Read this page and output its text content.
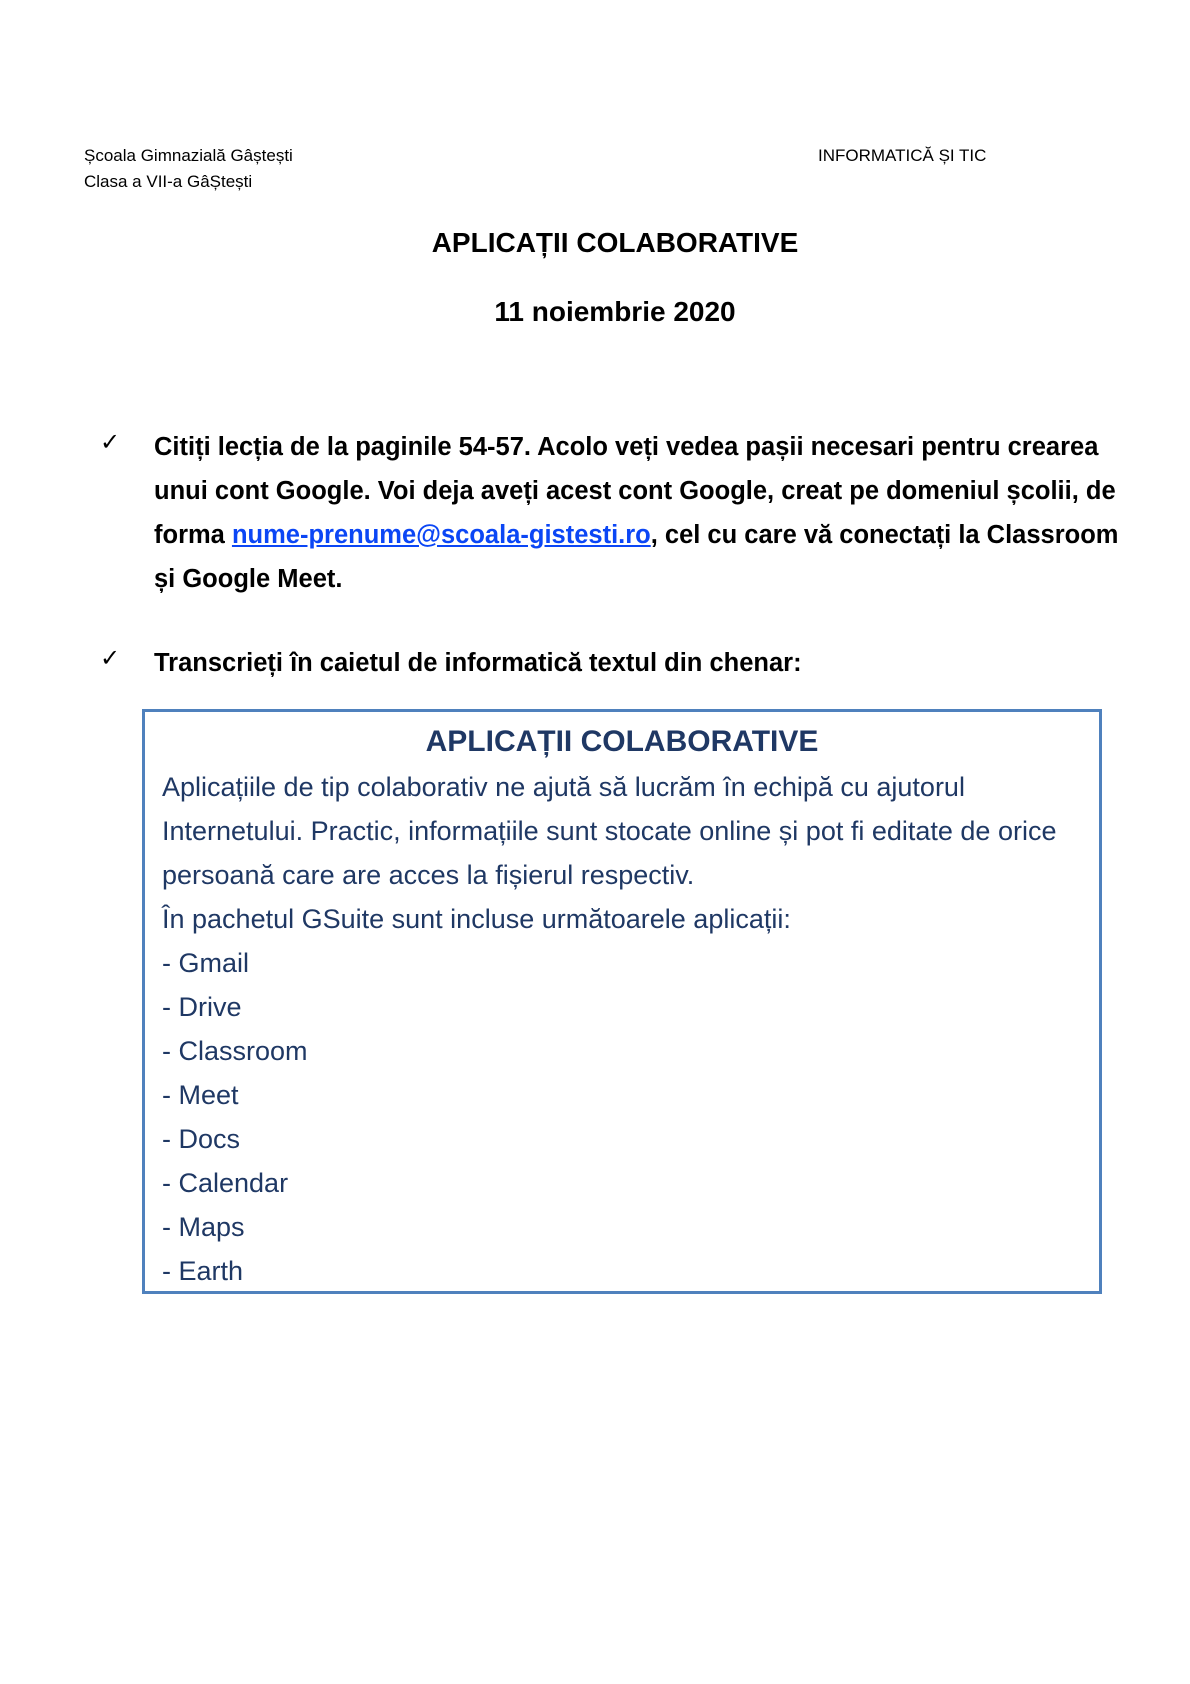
Școala Gimnazială Gâștești
Clasa a VII-a GâȘtești
INFORMATICĂ ȘI TIC
APLICAȚII COLABORATIVE
11 noiembrie 2020
✓	Citiți lecția de la paginile 54-57. Acolo veți vedea pașii necesari pentru crearea unui cont Google. Voi deja aveți acest cont Google, creat pe domeniul școlii, de forma nume-prenume@scoala-gistesti.ro, cel cu care vă conectați la Classroom și Google Meet.
✓	Transcrieți în caietul de informatică textul din chenar:
APLICAȚII COLABORATIVE
Aplicațiile de tip colaborativ ne ajută să lucrăm în echipă cu ajutorul Internetului. Practic, informațiile sunt stocate online și pot fi editate de orice persoană care are acces la fișierul respectiv.
În pachetul GSuite sunt incluse următoarele aplicații:
- Gmail
- Drive
- Classroom
- Meet
- Docs
- Calendar
- Maps
- Earth
